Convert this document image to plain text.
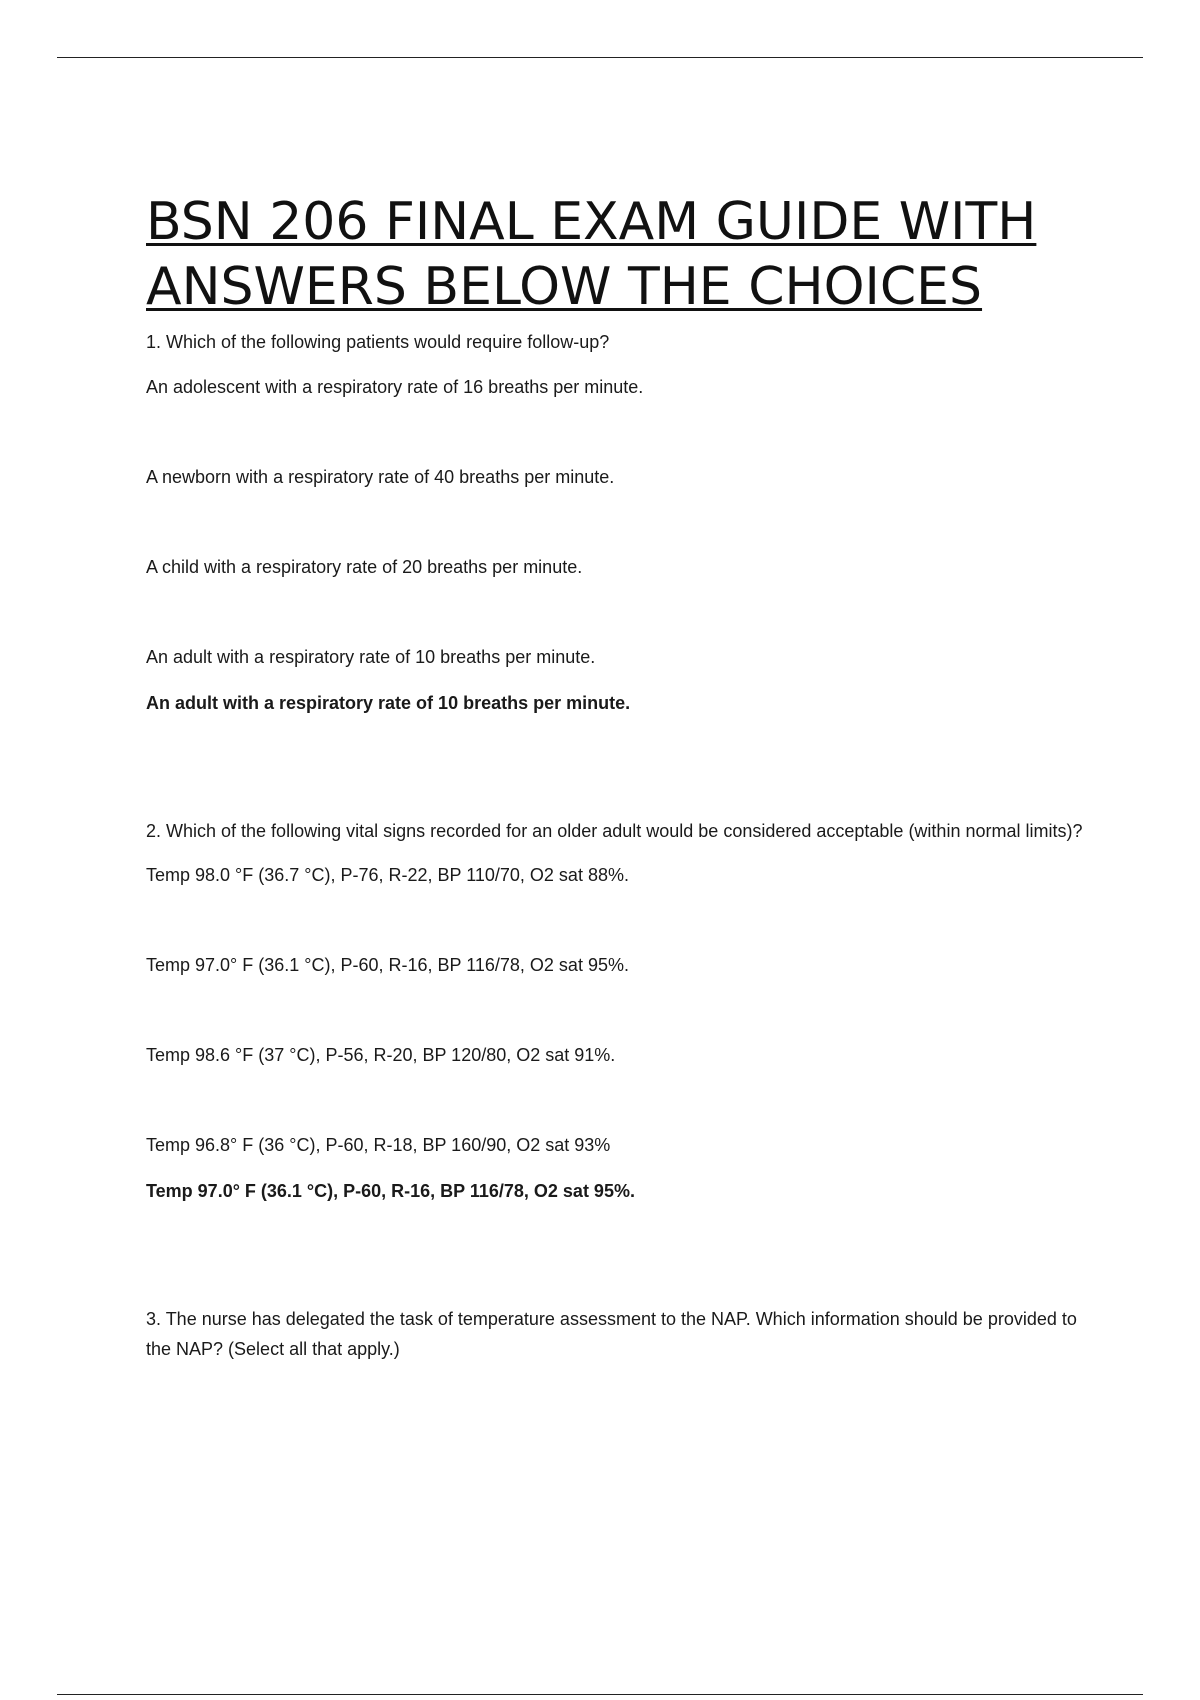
BSN 206 FINAL EXAM GUIDE WITH ANSWERS BELOW THE CHOICES

1. Which of the following patients would require follow-up?

An adolescent with a respiratory rate of 16 breaths per minute.

A newborn with a respiratory rate of 40 breaths per minute.

A child with a respiratory rate of 20 breaths per minute.

An adult with a respiratory rate of 10 breaths per minute.

An adult with a respiratory rate of 10 breaths per minute.

2. Which of the following vital signs recorded for an older adult would be considered acceptable (within normal limits)?

Temp 98.0 °F (36.7 °C), P-76, R-22, BP 110/70, O2 sat 88%.

Temp 97.0° F (36.1 °C), P-60, R-16, BP 116/78, O2 sat 95%.

Temp 98.6 °F (37 °C), P-56, R-20, BP 120/80, O2 sat 91%.

Temp 96.8° F (36 °C), P-60, R-18, BP 160/90, O2 sat 93%

Temp 97.0° F (36.1 °C), P-60, R-16, BP 116/78, O2 sat 95%.

3. The nurse has delegated the task of temperature assessment to the NAP. Which information should be provided to the NAP? (Select all that apply.)
